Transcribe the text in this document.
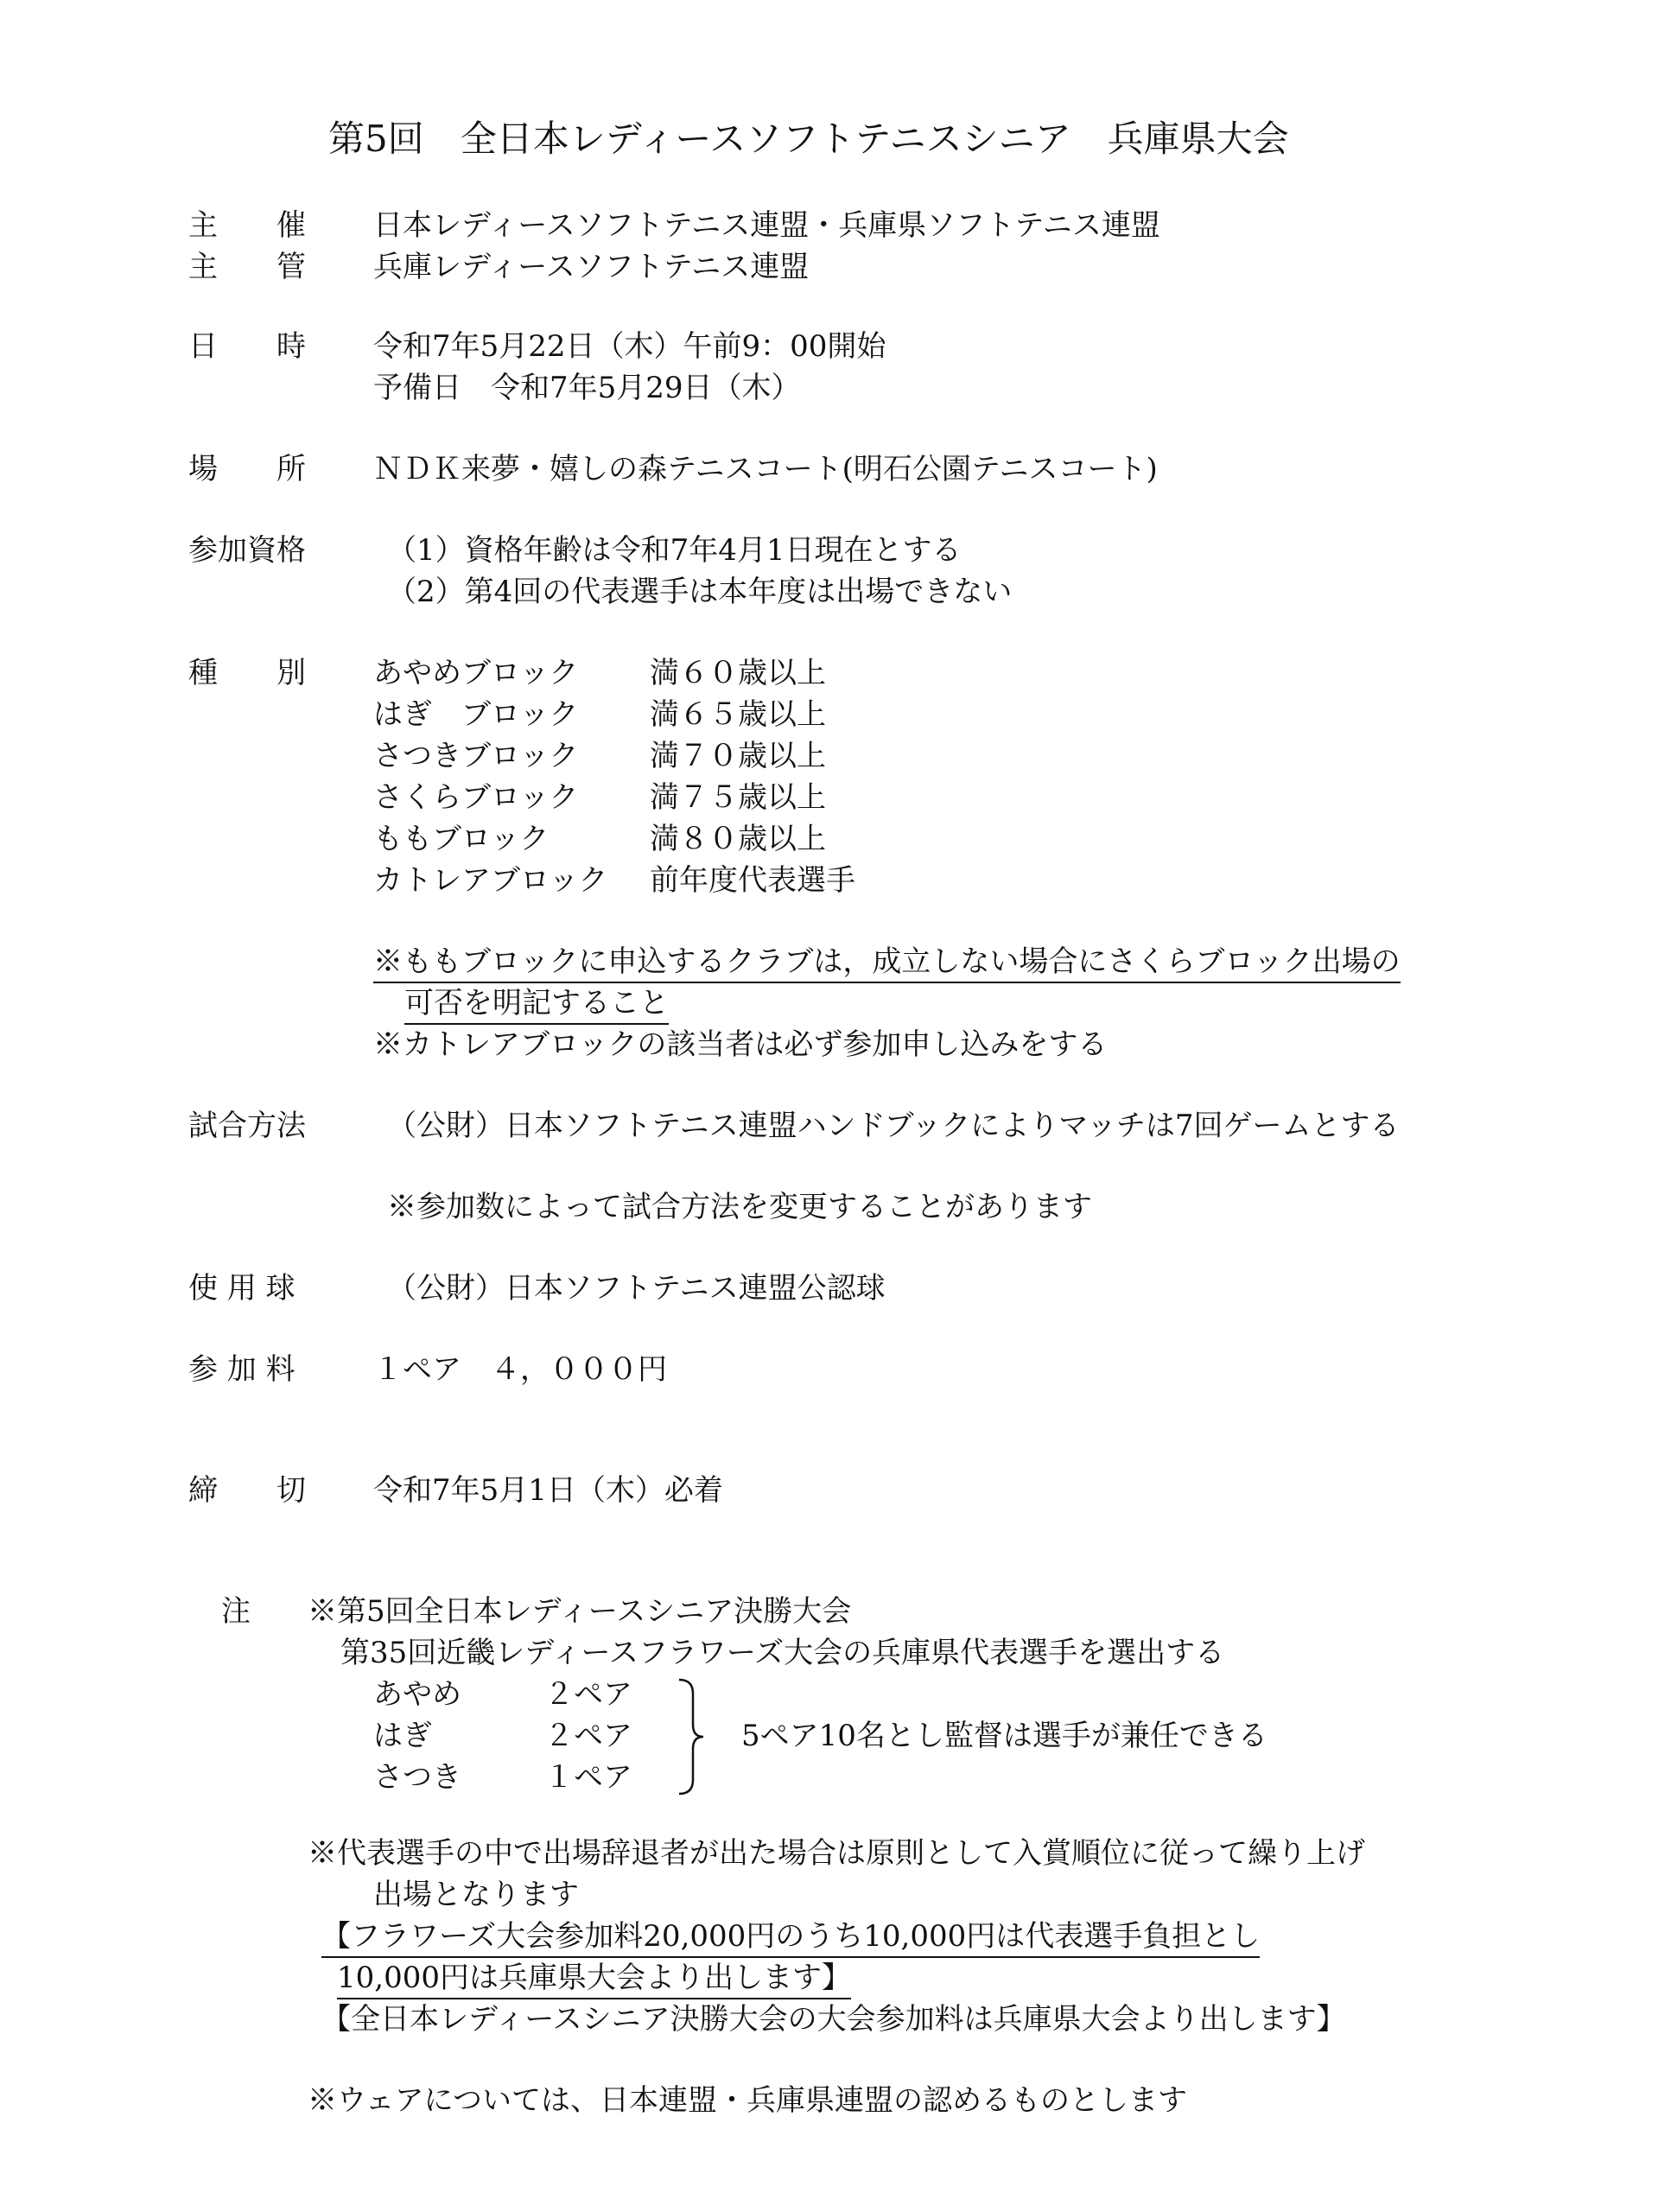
第5回　全日本レディースソフトテニスシニア　兵庫県大会
主　　催 日本レディースソフトテニス連盟・兵庫県ソフトテニス連盟
主　　管 兵庫レディースソフトテニス連盟
日　　時 令和7年5月22日（木）午前9：00開始
予備日　令和7年5月29日（木）
場　　所 ＮＤＫ来夢・嬉しの森テニスコート(明石公園テニスコート)
参加資格	（1）資格年齢は令和7年4月1日現在とする
（2）第4回の代表選手は本年度は出場できない
種　　別 あやめブロック 満６０歳以上
はぎ　ブロック 満６５歳以上
さつきブロック 満７０歳以上
さくらブロック 満７５歳以上
ももブロック	満８０歳以上
カトレアブロック 前年度代表選手
※ももブロックに申込するクラブは，成立しない場合にさくらブロック出場の
可否を明記すること
※カトレアブロックの該当者は必ず参加申し込みをする
試合方法	（公財）日本ソフトテニス連盟ハンドブックによりマッチは7回ゲームとする
※参加数によって試合方法を変更することがあります
使 用 球	（公財）日本ソフトテニス連盟公認球
参 加 料	１ペア　４，０００円
締　　切 令和7年5月1日（木）必着
注 ※第5回全日本レディースシニア決勝大会
第35回近畿レディースフラワーズ大会の兵庫県代表選手を選出する
あやめ	２ペア
はぎ	２ペア
さつき	１ペア
5ペア10名とし監督は選手が兼任できる
※代表選手の中で出場辞退者が出た場合は原則として入賞順位に従って繰り上げ
出場となります
【フラワーズ大会参加料20,000円のうち10,000円は代表選手負担とし
10,000円は兵庫県大会より出します】
【全日本レディースシニア決勝大会の大会参加料は兵庫県大会より出します】
※ウェアについては、日本連盟・兵庫県連盟の認めるものとします
